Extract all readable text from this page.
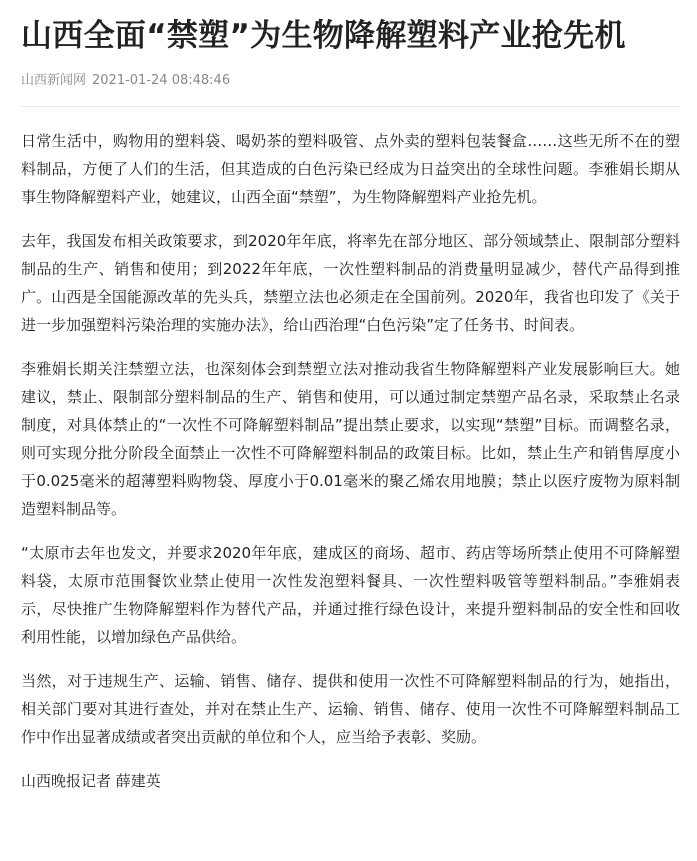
山西全面“禁塑”为生物降解塑料产业抢先机
山西新闻网 2021-01-24 08:48:46

日常生活中，购物用的塑料袋、喝奶茶的塑料吸管、点外卖的塑料包装餐盒……这些无所不在的塑料制品，方便了人们的生活，但其造成的白色污染已经成为日益突出的全球性问题。李雅娟长期从事生物降解塑料产业，她建议，山西全面“禁塑”，为生物降解塑料产业抢先机。

去年，我国发布相关政策要求，到2020年年底，将率先在部分地区、部分领域禁止、限制部分塑料制品的生产、销售和使用；到2022年年底，一次性塑料制品的消费量明显减少，替代产品得到推广。山西是全国能源改革的先头兵，禁塑立法也必须走在全国前列。2020年，我省也印发了《关于进一步加强塑料污染治理的实施办法》，给山西治理“白色污染”定了任务书、时间表。

李雅娟长期关注禁塑立法，也深刻体会到禁塑立法对推动我省生物降解塑料产业发展影响巨大。她建议，禁止、限制部分塑料制品的生产、销售和使用，可以通过制定禁塑产品名录，采取禁止名录制度，对具体禁止的“一次性不可降解塑料制品”提出禁止要求，以实现“禁塑”目标。而调整名录，则可实现分批分阶段全面禁止一次性不可降解塑料制品的政策目标。比如，禁止生产和销售厚度小于0.025毫米的超薄塑料购物袋、厚度小于0.01毫米的聚乙烯农用地膜；禁止以医疗废物为原料制造塑料制品等。

“太原市去年也发文，并要求2020年年底，建成区的商场、超市、药店等场所禁止使用不可降解塑料袋，太原市范围餐饮业禁止使用一次性发泡塑料餐具、一次性塑料吸管等塑料制品。”李雅娟表示，尽快推广生物降解塑料作为替代产品，并通过推行绿色设计，来提升塑料制品的安全性和回收利用性能，以增加绿色产品供给。

当然，对于违规生产、运输、销售、储存、提供和使用一次性不可降解塑料制品的行为，她指出，相关部门要对其进行查处，并对在禁止生产、运输、销售、储存、使用一次性不可降解塑料制品工作中作出显著成绩或者突出贡献的单位和个人，应当给予表彰、奖励。

山西晚报记者 薛建英
